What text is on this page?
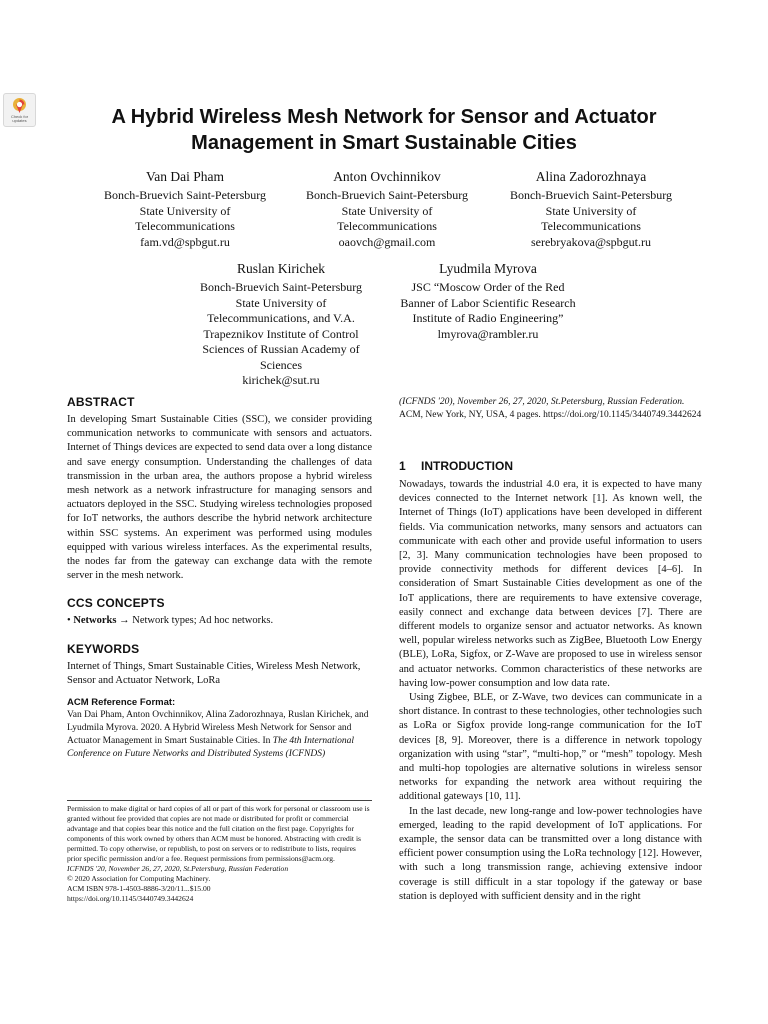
Check for
updates	A Hybrid Wireless Mesh Network for Sensor and Actuator Management in Smart Sustainable Cities
Van Dai Pham
Bonch-Bruevich Saint-Petersburg
State University of
Telecommunications
fam.vd@spbgut.ru
Anton Ovchinnikov
Bonch-Bruevich Saint-Petersburg
State University of
Telecommunications
oaovch@gmail.com
Alina Zadorozhnaya
Bonch-Bruevich Saint-Petersburg
State University of
Telecommunications
serebryakova@spbgut.ru
Ruslan Kirichek
Bonch-Bruevich Saint-Petersburg
State University of
Telecommunications, and V.A.
Trapeznikov Institute of Control
Sciences of Russian Academy of
Sciences
kirichek@sut.ru
Lyudmila Myrova
JSC “Moscow Order of the Red
Banner of Labor Scientific Research
Institute of Radio Engineering”
lmyrova@rambler.ru
ABSTRACT

In developing Smart Sustainable Cities (SSC), we consider providing communication networks to communicate with sensors and actuators. Internet of Things devices are expected to send data over a long distance and save energy consumption. Understanding the challenges of data transmission in the urban area, the authors propose a hybrid wireless mesh network as a network infrastructure for managing sensors and actuators deployed in the SSC. Studying wireless technologies proposed for IoT networks, the authors describe the hybrid network architecture within SSC systems. An experiment was performed using modules equipped with various wireless interfaces. As the experimental results, the nodes far from the gateway can exchange data with the remote server in the mesh network.

CCS CONCEPTS

• Networks → Network types; Ad hoc networks.

KEYWORDS

Internet of Things, Smart Sustainable Cities, Wireless Mesh Network, Sensor and Actuator Network, LoRa

ACM Reference Format:

Van Dai Pham, Anton Ovchinnikov, Alina Zadorozhnaya, Ruslan Kirichek, and Lyudmila Myrova. 2020. A Hybrid Wireless Mesh Network for Sensor and Actuator Management in Smart Sustainable Cities. In The 4th International Conference on Future Networks and Distributed Systems (ICFNDS)

Permission to make digital or hard copies of all or part of this work for personal or classroom use is granted without fee provided that copies are not made or distributed for profit or commercial advantage and that copies bear this notice and the full citation on the first page. Copyrights for components of this work owned by others than ACM must be honored. Abstracting with credit is permitted. To copy otherwise, or republish, to post on servers or to redistribute to lists, requires prior specific permission and/or a fee. Request permissions from permissions@acm.org.

ICFNDS '20, November 26, 27, 2020, St.Petersburg, Russian Federation

© 2020 Association for Computing Machinery.

ACM ISBN 978-1-4503-8886-3/20/11...$15.00

https://doi.org/10.1145/3440749.3442624

(ICFNDS '20), November 26, 27, 2020, St.Petersburg, Russian Federation. ACM, New York, NY, USA, 4 pages. https://doi.org/10.1145/3440749.3442624

1 INTRODUCTION

Nowadays, towards the industrial 4.0 era, it is expected to have many devices connected to the Internet network [1]. As known well, the Internet of Things (IoT) applications have been developed in different fields. Via communication networks, many sensors and actuators can communicate with each other and provide useful information to users [2, 3]. Many communication technologies have been proposed to provide connectivity methods for different devices [4–6]. In consideration of Smart Sustainable Cities development as one of the IoT applications, there are requirements to have extensive coverage, easily connect and exchange data between devices [7]. There are different models to organize sensor and actuator networks. As known well, popular wireless networks such as ZigBee, Bluetooth Low Energy (BLE), LoRa, Sigfox, or Z-Wave are proposed to use in wireless sensor and actuator networks. Common characteristics of these networks are having low-power consumption and low data rate.

Using Zigbee, BLE, or Z-Wave, two devices can communicate in a short distance. In contrast to these technologies, other technologies such as LoRa or Sigfox provide long-range communication for the IoT devices [8, 9]. Moreover, there is a difference in network topology organization with using “star”, “multi-hop,” or “mesh” topology. Mesh and multi-hop topologies are alternative solutions in wireless sensor networks for expanding the network area without requiring the additional gateways [10, 11].

In the last decade, new long-range and low-power technologies have emerged, leading to the rapid development of IoT applications. For example, the sensor data can be transmitted over a long distance with efficient power consumption using the LoRa technology [12]. However, with such a long transmission range, achieving extensive indoor coverage is still difficult in a star topology if the gateway or base station is deployed with sufficient density and in the right
